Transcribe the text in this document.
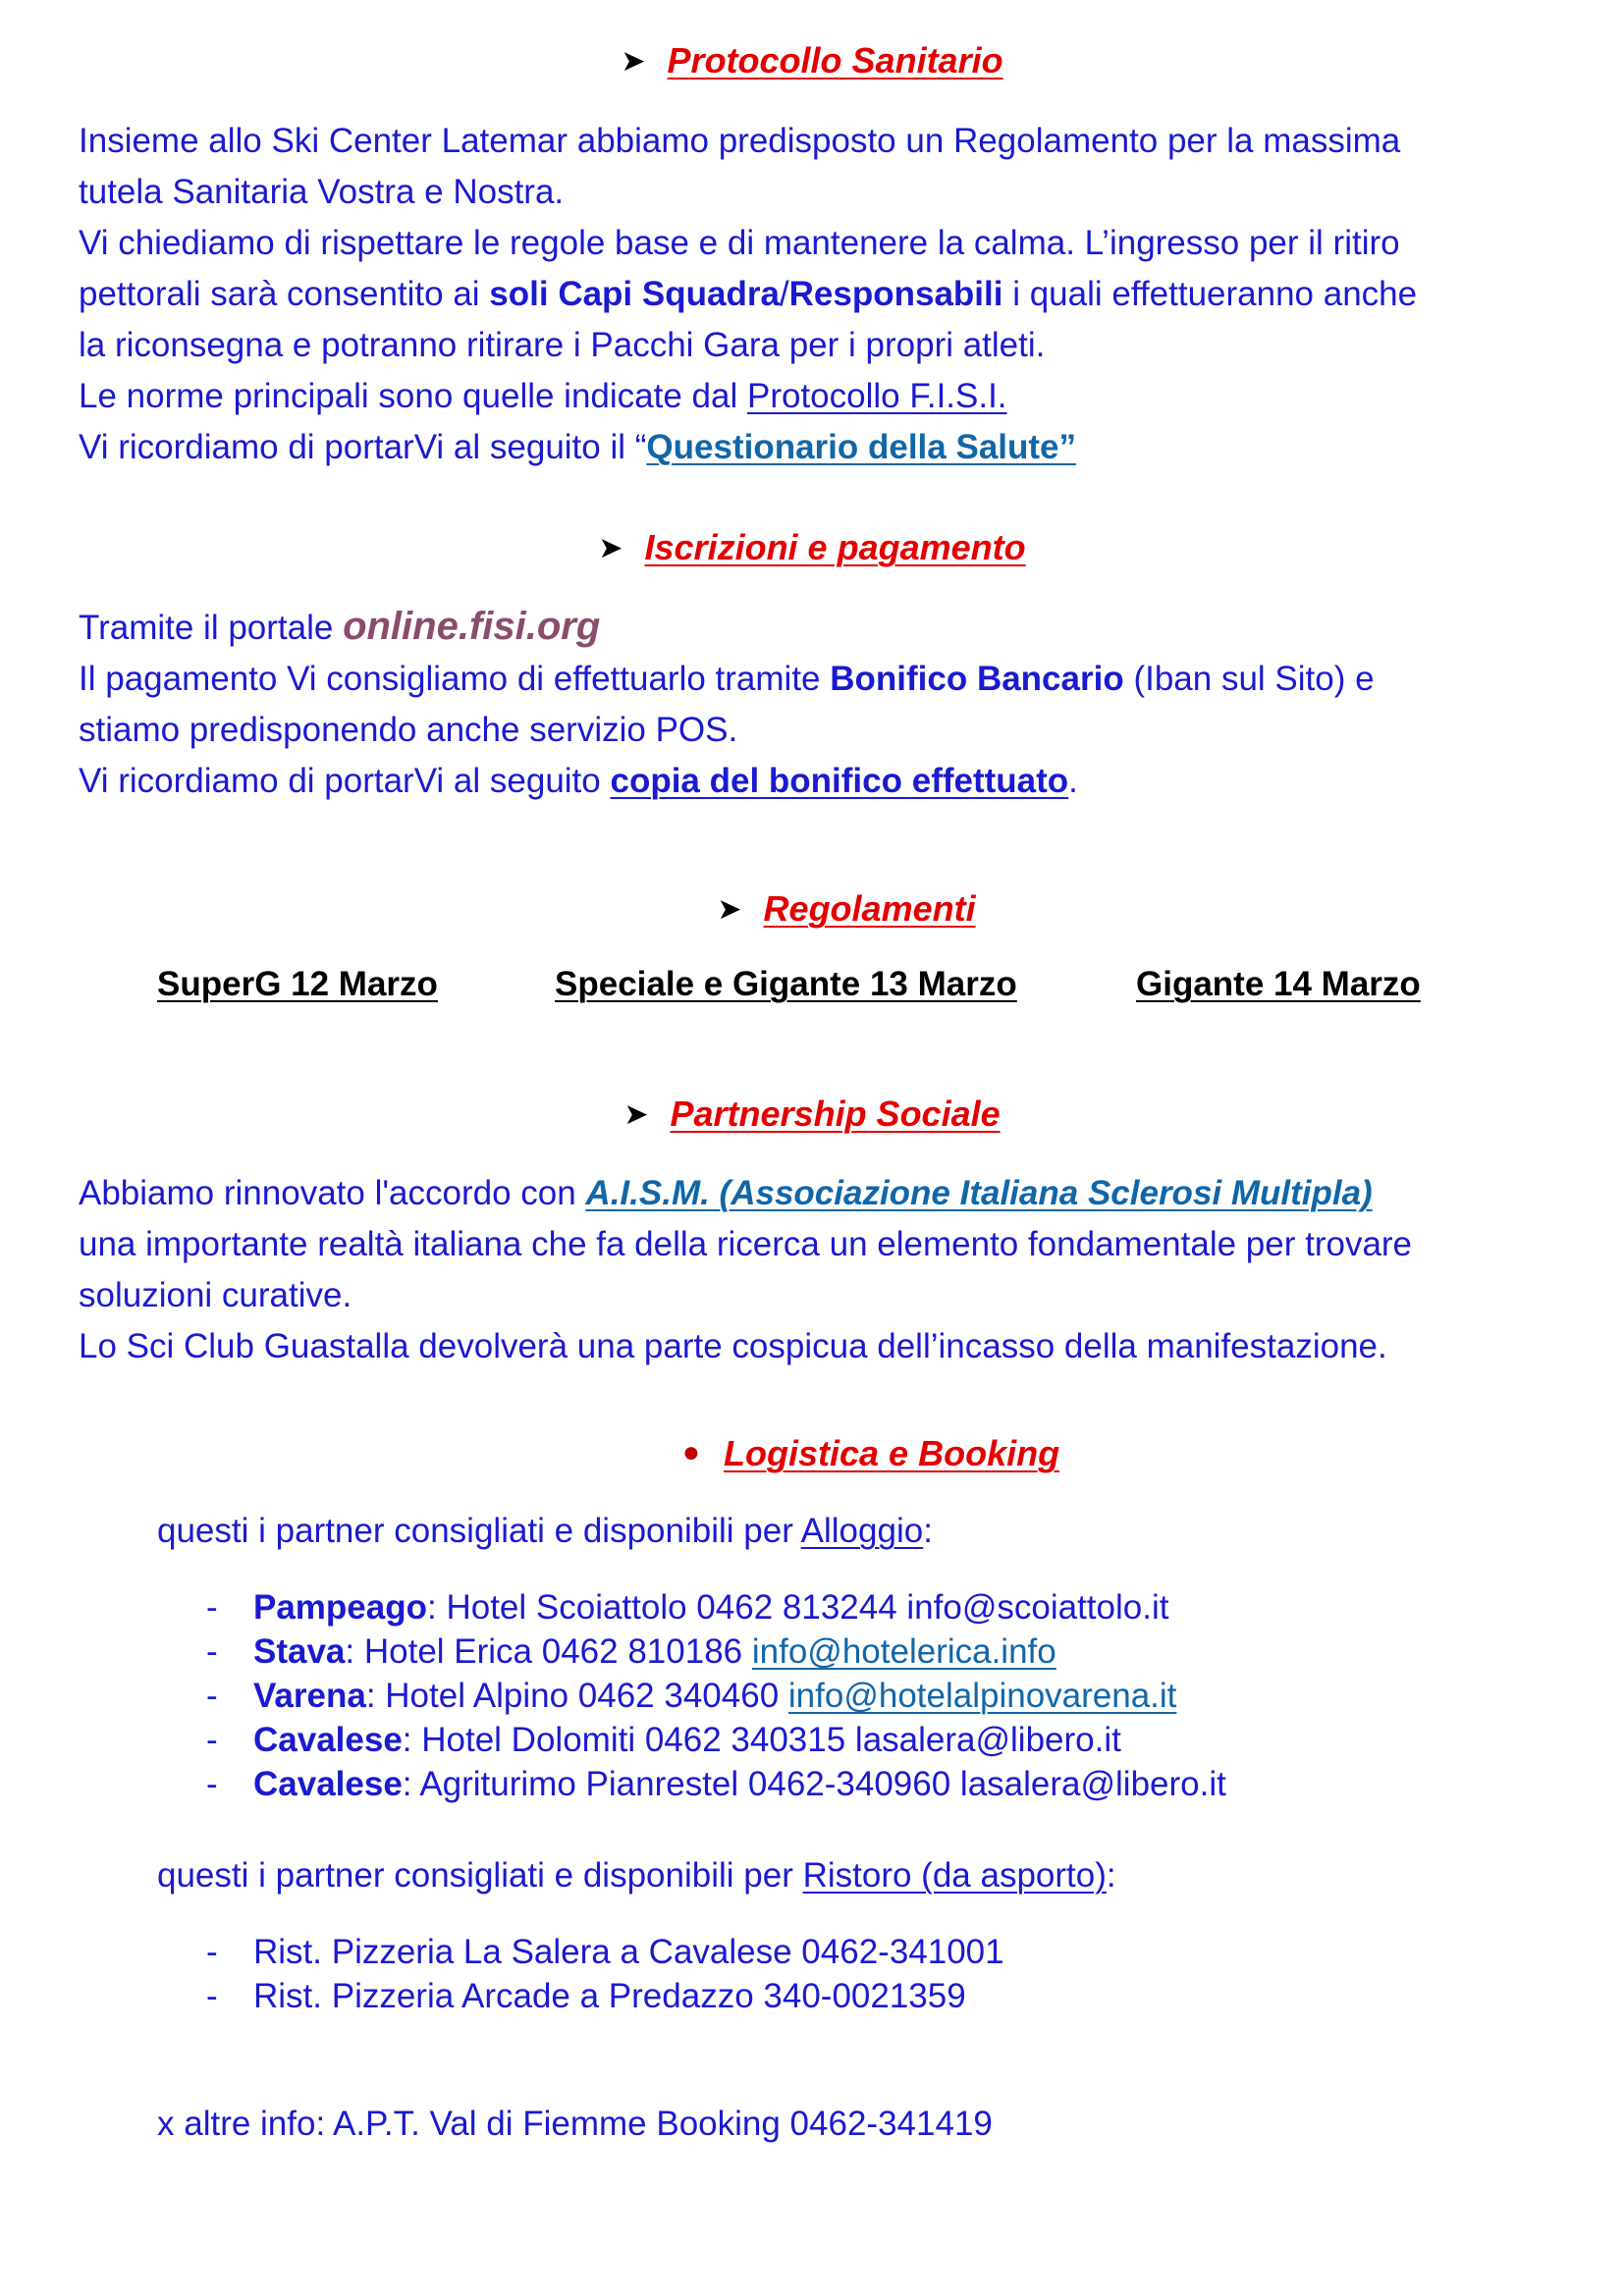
➤ Protocollo Sanitario
Insieme allo Ski Center Latemar abbiamo predisposto un Regolamento per la massima
tutela Sanitaria Vostra e Nostra.
Vi chiediamo di rispettare le regole base e di mantenere la calma. L’ingresso per il ritiro
pettorali sarà consentito ai soli Capi Squadra/Responsabili i quali effettueranno anche
la riconsegna e potranno ritirare i Pacchi Gara per i propri atleti.
Le norme principali sono quelle indicate dal Protocollo F.I.S.I.
Vi ricordiamo di portarVi al seguito il “Questionario della Salute”
➤ Iscrizioni e pagamento
Tramite il portale online.fisi.org
Il pagamento Vi consigliamo di effettuarlo tramite Bonifico Bancario (Iban sul Sito) e
stiamo predisponendo anche servizio POS.
Vi ricordiamo di portarVi al seguito copia del bonifico effettuato.
➤ Regolamenti
SuperG 12 Marzo	Speciale e Gigante 13 Marzo	Gigante 14 Marzo
➤ Partnership Sociale
Abbiamo rinnovato l'accordo con A.I.S.M. (Associazione Italiana Sclerosi Multipla)
una importante realtà italiana che fa della ricerca un elemento fondamentale per trovare
soluzioni curative.
Lo Sci Club Guastalla devolverà una parte cospicua dell’incasso della manifestazione.
● Logistica e Booking
questi i partner consigliati e disponibili per Alloggio:
- Pampeago: Hotel Scoiattolo 0462 813244 info@scoiattolo.it
- Stava: Hotel Erica 0462 810186 info@hotelerica.info
- Varena: Hotel Alpino 0462 340460 info@hotelalpinovarena.it
- Cavalese: Hotel Dolomiti 0462 340315 lasalera@libero.it
- Cavalese: Agriturimo Pianrestel 0462-340960 lasalera@libero.it
questi i partner consigliati e disponibili per Ristoro (da asporto):
- Rist. Pizzeria La Salera a Cavalese 0462-341001
- Rist. Pizzeria Arcade a Predazzo 340-0021359
x altre info: A.P.T. Val di Fiemme Booking 0462-341419
